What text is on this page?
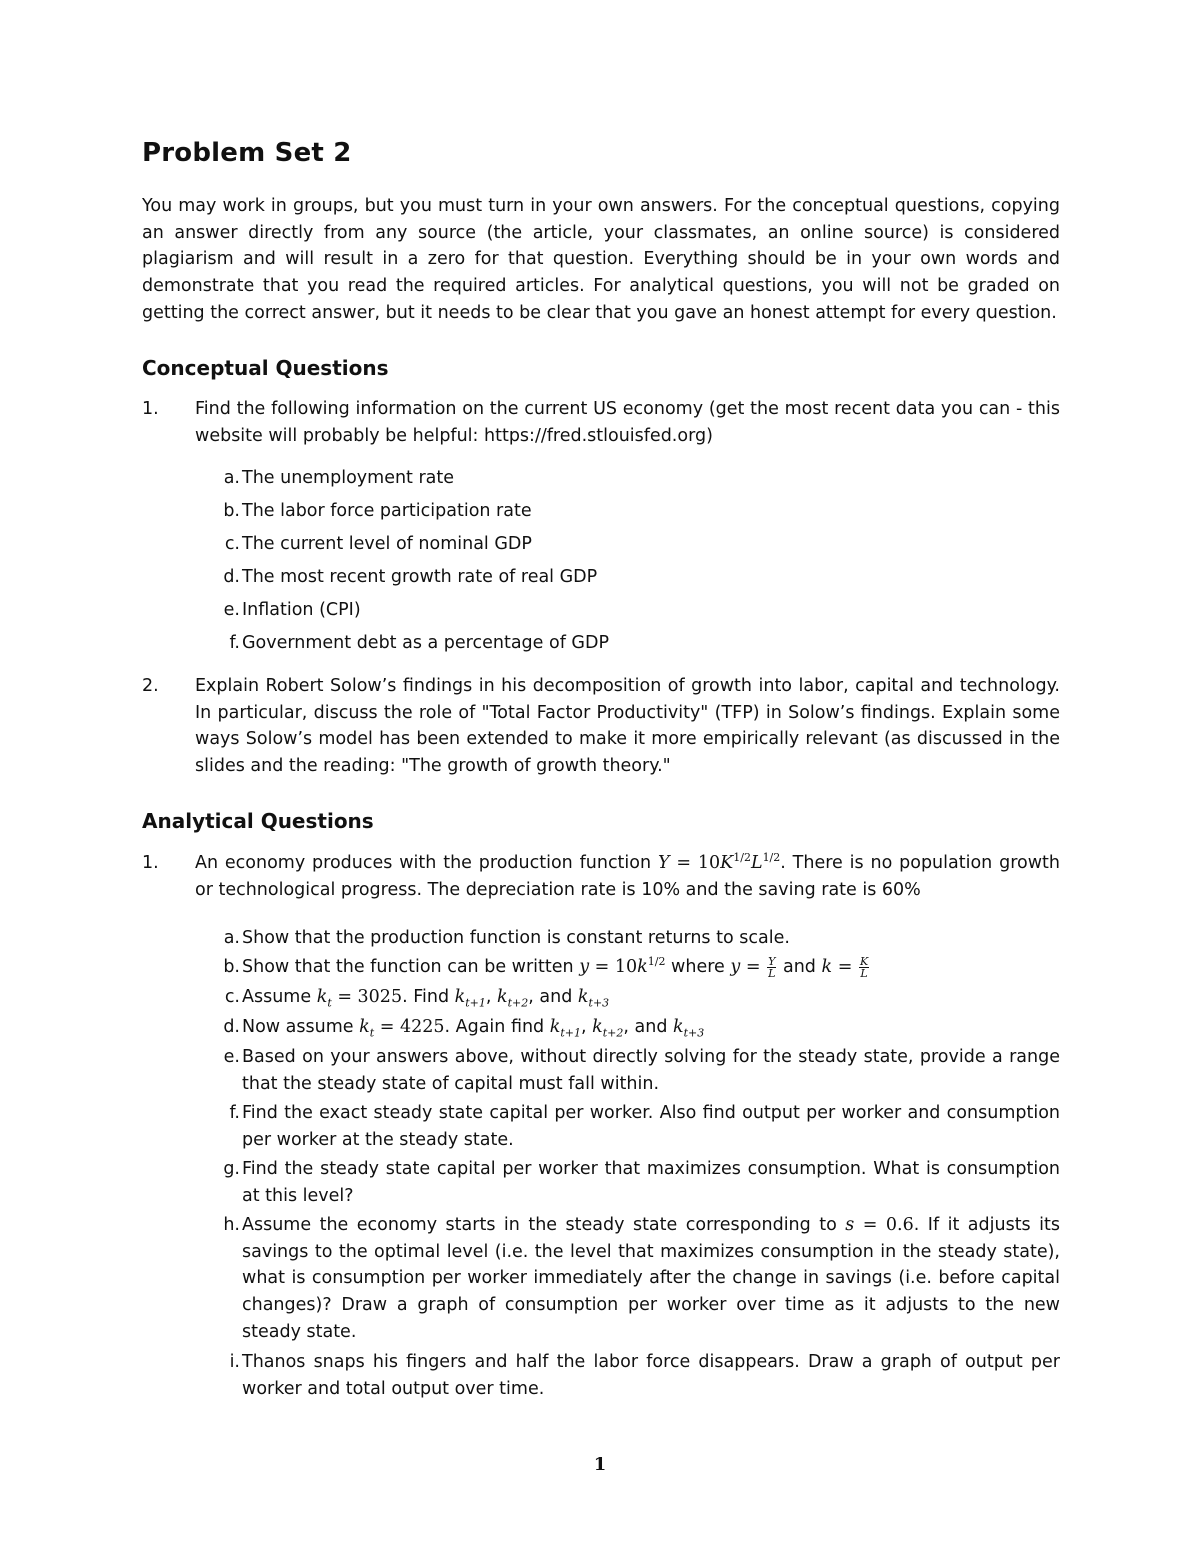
Problem Set 2

You may work in groups, but you must turn in your own answers. For the conceptual questions, copying an answer directly from any source (the article, your classmates, an online source) is considered plagiarism and will result in a zero for that question. Everything should be in your own words and demonstrate that you read the required articles. For analytical questions, you will not be graded on getting the correct answer, but it needs to be clear that you gave an honest attempt for every question.

Conceptual Questions
1. Find the following information on the current US economy (get the most recent data you can - this website will probably be helpful: https://fred.stlouisfed.org)
a. The unemployment rate
b. The labor force participation rate
c. The current level of nominal GDP
d. The most recent growth rate of real GDP
e. Inflation (CPI)
f. Government debt as a percentage of GDP
2. Explain Robert Solow’s findings in his decomposition of growth into labor, capital and technology. In particular, discuss the role of "Total Factor Productivity" (TFP) in Solow’s findings. Explain some ways Solow’s model has been extended to make it more empirically relevant (as discussed in the slides and the reading: "The growth of growth theory."
Analytical Questions
1. An economy produces with the production function $Y = 10K^{1/2}L^{1/2}$. There is no population growth or technological progress. The depreciation rate is 10% and the saving rate is 60%
a. Show that the production function is constant returns to scale.
b. Show that the function can be written $y = 10k^{1/2}$ where $y = \frac{Y}{L}$ and $k = \frac{K}{L}$
c. Assume $k_t = 3025$. Find $k_{t+1}$, $k_{t+2}$, and $k_{t+3}$
d. Now assume $k_t = 4225$. Again find $k_{t+1}$, $k_{t+2}$, and $k_{t+3}$
e. Based on your answers above, without directly solving for the steady state, provide a range that the steady state of capital must fall within.
f. Find the exact steady state capital per worker. Also find output per worker and consumption per worker at the steady state.
g. Find the steady state capital per worker that maximizes consumption. What is consumption at this level?
h. Assume the economy starts in the steady state corresponding to s = 0.6. If it adjusts its savings to the optimal level (i.e. the level that maximizes consumption in the steady state), what is consumption per worker immediately after the change in savings (i.e. before capital changes)? Draw a graph of consumption per worker over time as it adjusts to the new steady state.
i. Thanos snaps his fingers and half the labor force disappears. Draw a graph of output per worker and total output over time.
1
